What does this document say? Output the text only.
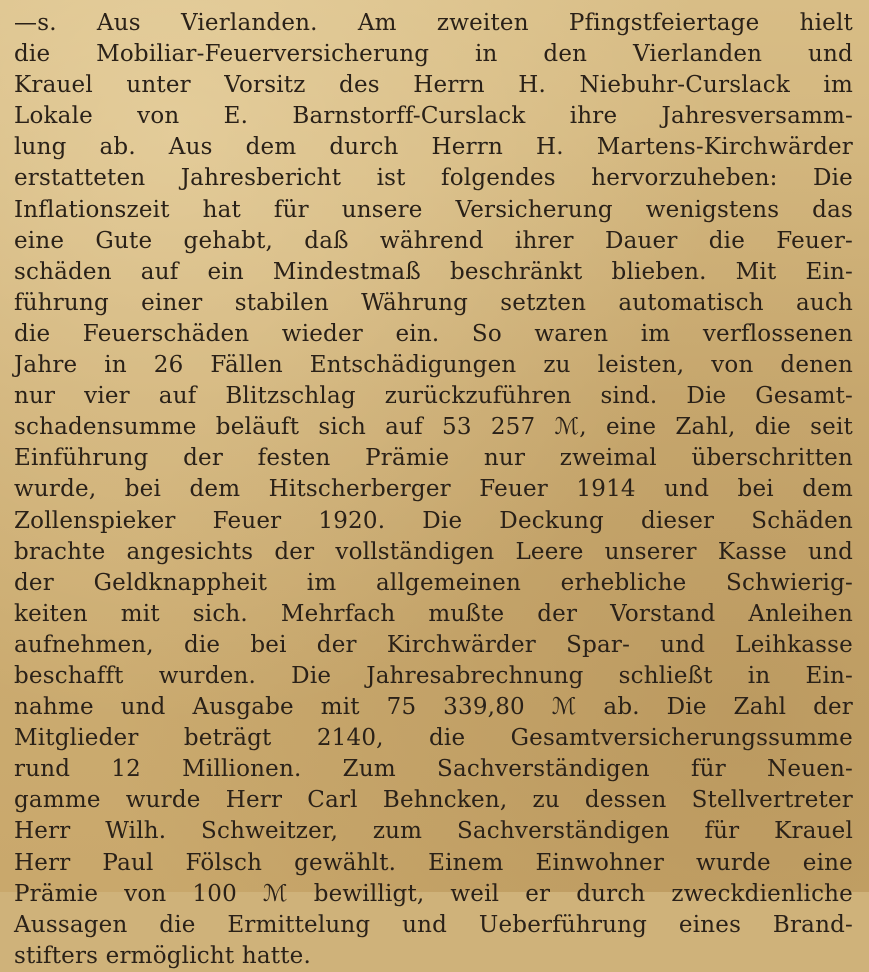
—s. Aus Vierlanden. Am zweiten Pfingstfeiertage hielt
die Mobiliar-Feuerversicherung in den Vierlanden und
Krauel unter Vorsitz des Herrn H. Niebuhr-Curslack im
Lokale von E. Barnstorff-Curslack ihre Jahresversamm-
lung ab. Aus dem durch Herrn H. Martens-Kirchwärder
erstatteten Jahresbericht ist folgendes hervorzuheben: Die
Inflationszeit hat für unsere Versicherung wenigstens das
eine Gute gehabt, daß während ihrer Dauer die Feuer-
schäden auf ein Mindestmaß beschränkt blieben. Mit Ein-
führung einer stabilen Währung setzten automatisch auch
die Feuerschäden wieder ein. So waren im verflossenen
Jahre in 26 Fällen Entschädigungen zu leisten, von denen
nur vier auf Blitzschlag zurückzuführen sind. Die Gesamt-
schadensumme beläuft sich auf 53 257 ℳ, eine Zahl, die seit
Einführung der festen Prämie nur zweimal überschritten
wurde, bei dem Hitscherberger Feuer 1914 und bei dem
Zollenspieker Feuer 1920. Die Deckung dieser Schäden
brachte angesichts der vollständigen Leere unserer Kasse und
der Geldknappheit im allgemeinen erhebliche Schwierig-
keiten mit sich. Mehrfach mußte der Vorstand Anleihen
aufnehmen, die bei der Kirchwärder Spar- und Leihkasse
beschafft wurden. Die Jahresabrechnung schließt in Ein-
nahme und Ausgabe mit 75 339,80 ℳ ab. Die Zahl der
Mitglieder beträgt 2140, die Gesamtversicherungssumme
rund 12 Millionen. Zum Sachverständigen für Neuen-
gamme wurde Herr Carl Behncken, zu dessen Stellvertreter
Herr Wilh. Schweitzer, zum Sachverständigen für Krauel
Herr Paul Fölsch gewählt. Einem Einwohner wurde eine
Prämie von 100 ℳ bewilligt, weil er durch zweckdienliche
Aussagen die Ermittelung und Ueberführung eines Brand-
stifters ermöglicht hatte.
